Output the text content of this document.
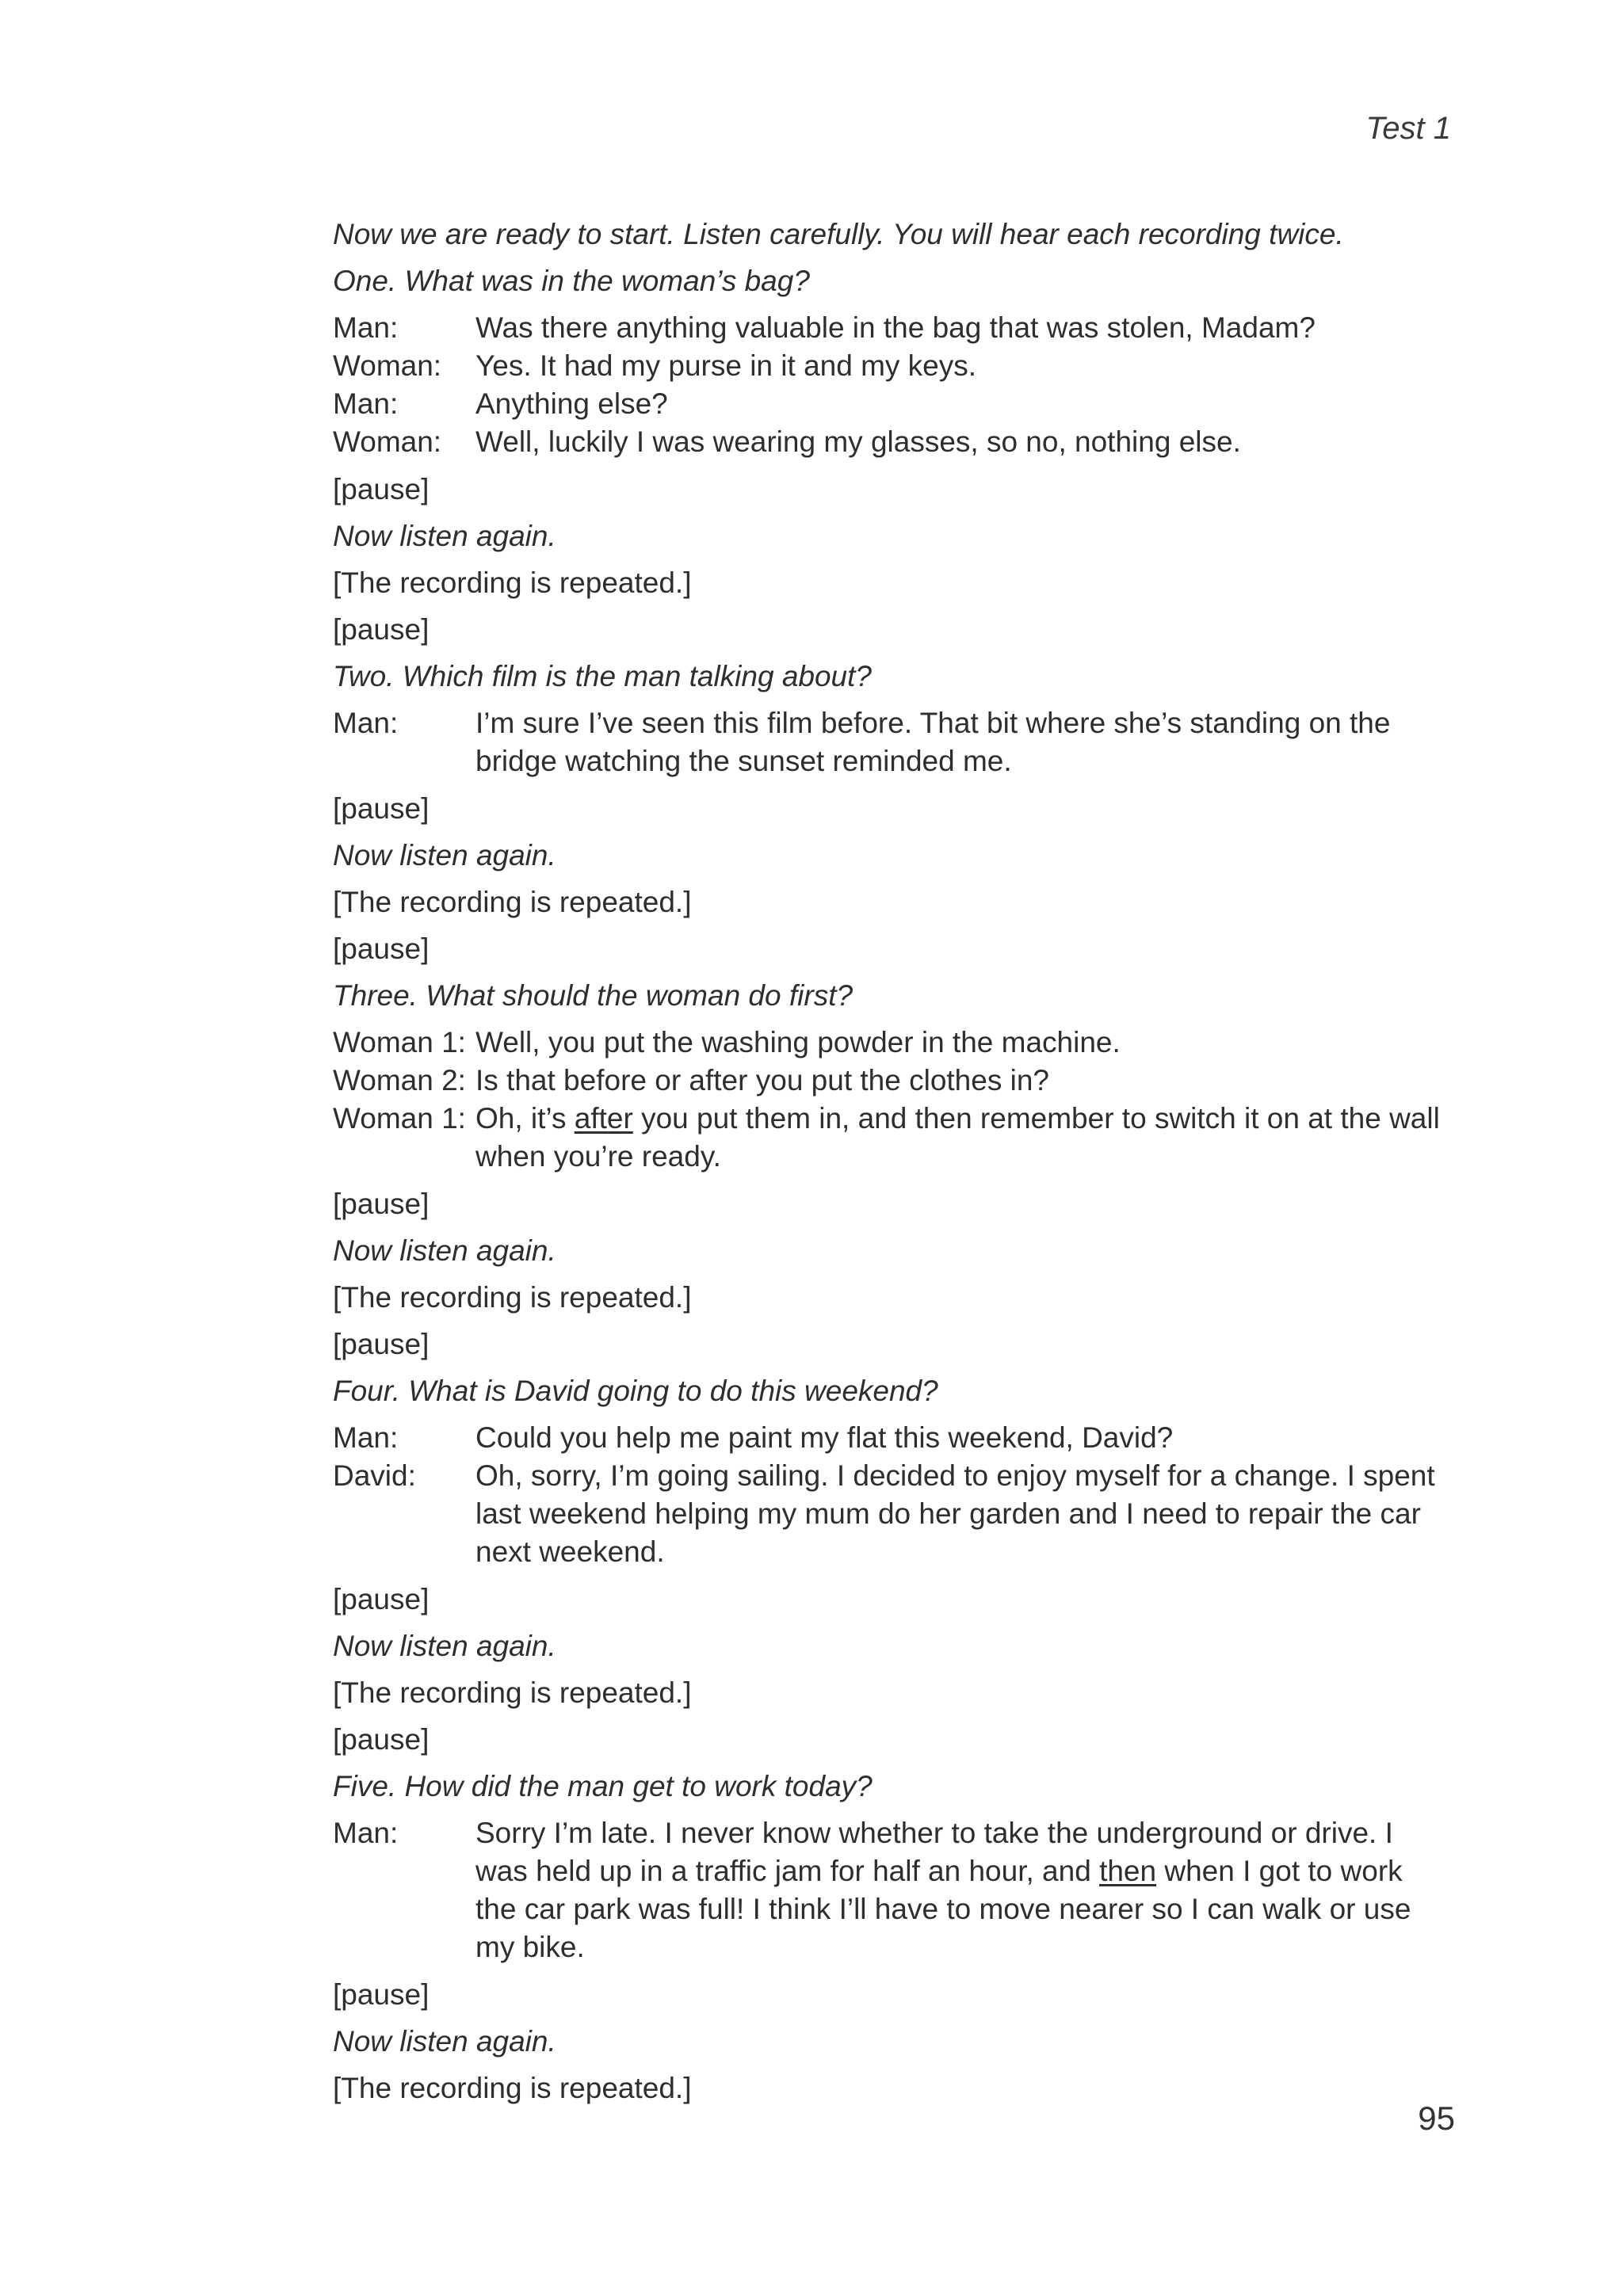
Test 1

Now we are ready to start. Listen carefully. You will hear each recording twice.

One. What was in the woman’s bag?

Man:	Was there anything valuable in the bag that was stolen, Madam?
Woman:	Yes. It had my purse in it and my keys.
Man:	Anything else?
Woman:	Well, luckily I was wearing my glasses, so no, nothing else.

[pause]

Now listen again.

[The recording is repeated.]

[pause]

Two. Which film is the man talking about?

Man:	I’m sure I’ve seen this film before. That bit where she’s standing on the bridge watching the sunset reminded me.

[pause]

Now listen again.

[The recording is repeated.]

[pause]

Three. What should the woman do first?

Woman 1: Well, you put the washing powder in the machine.
Woman 2: Is that before or after you put the clothes in?
Woman 1: Oh, it’s after you put them in, and then remember to switch it on at the wall when you’re ready.

[pause]

Now listen again.

[The recording is repeated.]

[pause]

Four. What is David going to do this weekend?

Man:	Could you help me paint my flat this weekend, David?
David:	Oh, sorry, I’m going sailing. I decided to enjoy myself for a change. I spent last weekend helping my mum do her garden and I need to repair the car next weekend.

[pause]

Now listen again.

[The recording is repeated.]

[pause]

Five. How did the man get to work today?

Man:	Sorry I’m late. I never know whether to take the underground or drive. I was held up in a traffic jam for half an hour, and then when I got to work the car park was full! I think I’ll have to move nearer so I can walk or use my bike.

[pause]

Now listen again.

[The recording is repeated.]

95
